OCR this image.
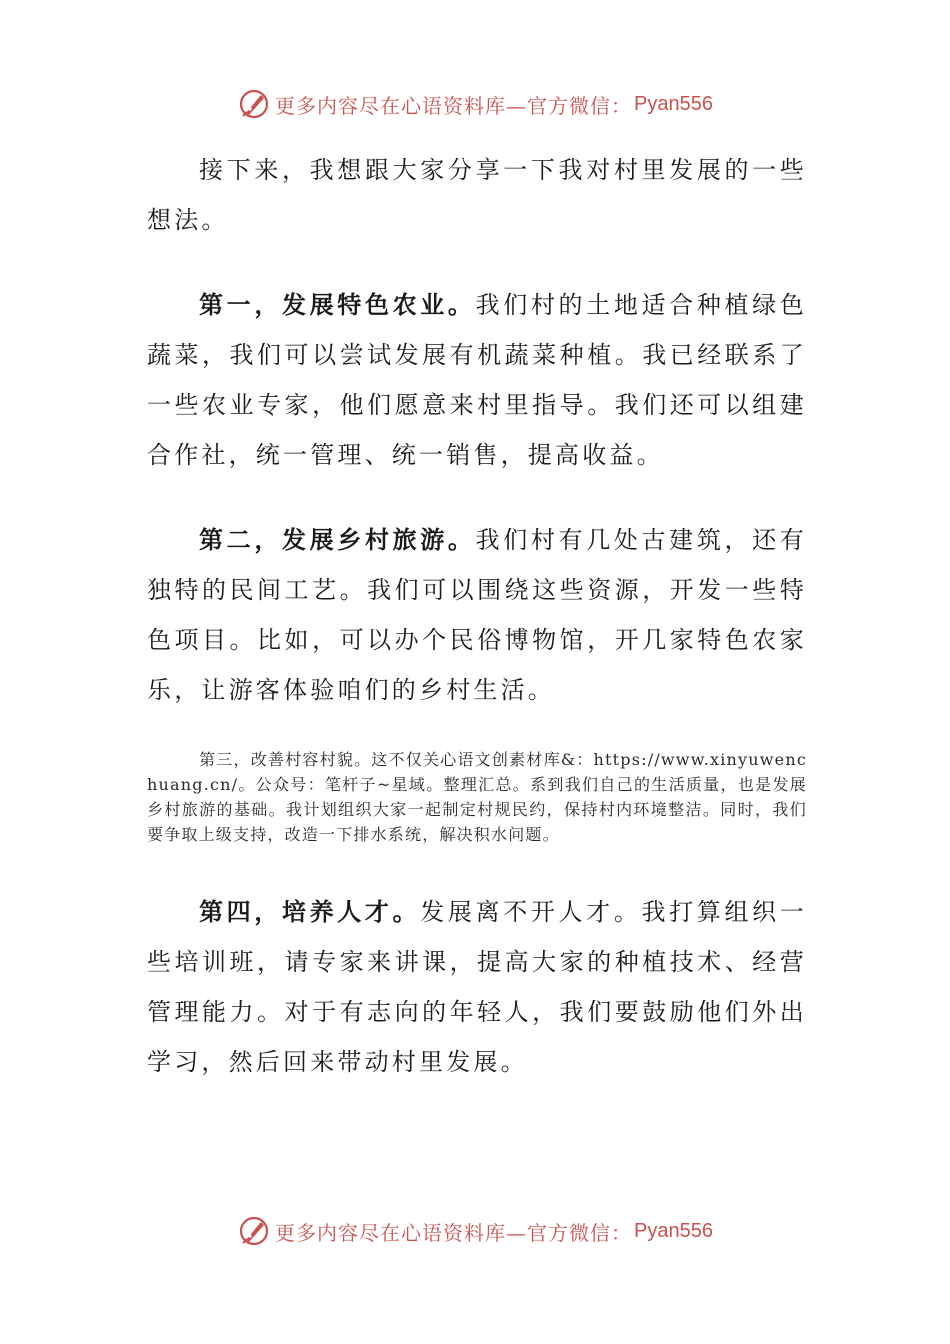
更多内容尽在心语资料库—官方微信： Pyan556

接下来，我想跟大家分享一下我对村里发展的一些想法。

第一，发展特色农业。我们村的土地适合种植绿色蔬菜，我们可以尝试发展有机蔬菜种植。我已经联系了一些农业专家，他们愿意来村里指导。我们还可以组建合作社，统一管理、统一销售，提高收益。

第二，发展乡村旅游。我们村有几处古建筑，还有独特的民间工艺。我们可以围绕这些资源，开发一些特色项目。比如，可以办个民俗博物馆，开几家特色农家乐，让游客体验咱们的乡村生活。

第三，改善村容村貌。这不仅关心语文创素材库&：https://www.xinyuwenchuang.cn/。公众号：笔杆子~星域。整理汇总。系到我们自己的生活质量，也是发展乡村旅游的基础。我计划组织大家一起制定村规民约，保持村内环境整洁。同时，我们要争取上级支持，改造一下排水系统，解决积水问题。

第四，培养人才。发展离不开人才。我打算组织一些培训班，请专家来讲课，提高大家的种植技术、经营管理能力。对于有志向的年轻人，我们要鼓励他们外出学习，然后回来带动村里发展。

更多内容尽在心语资料库—官方微信： Pyan556
